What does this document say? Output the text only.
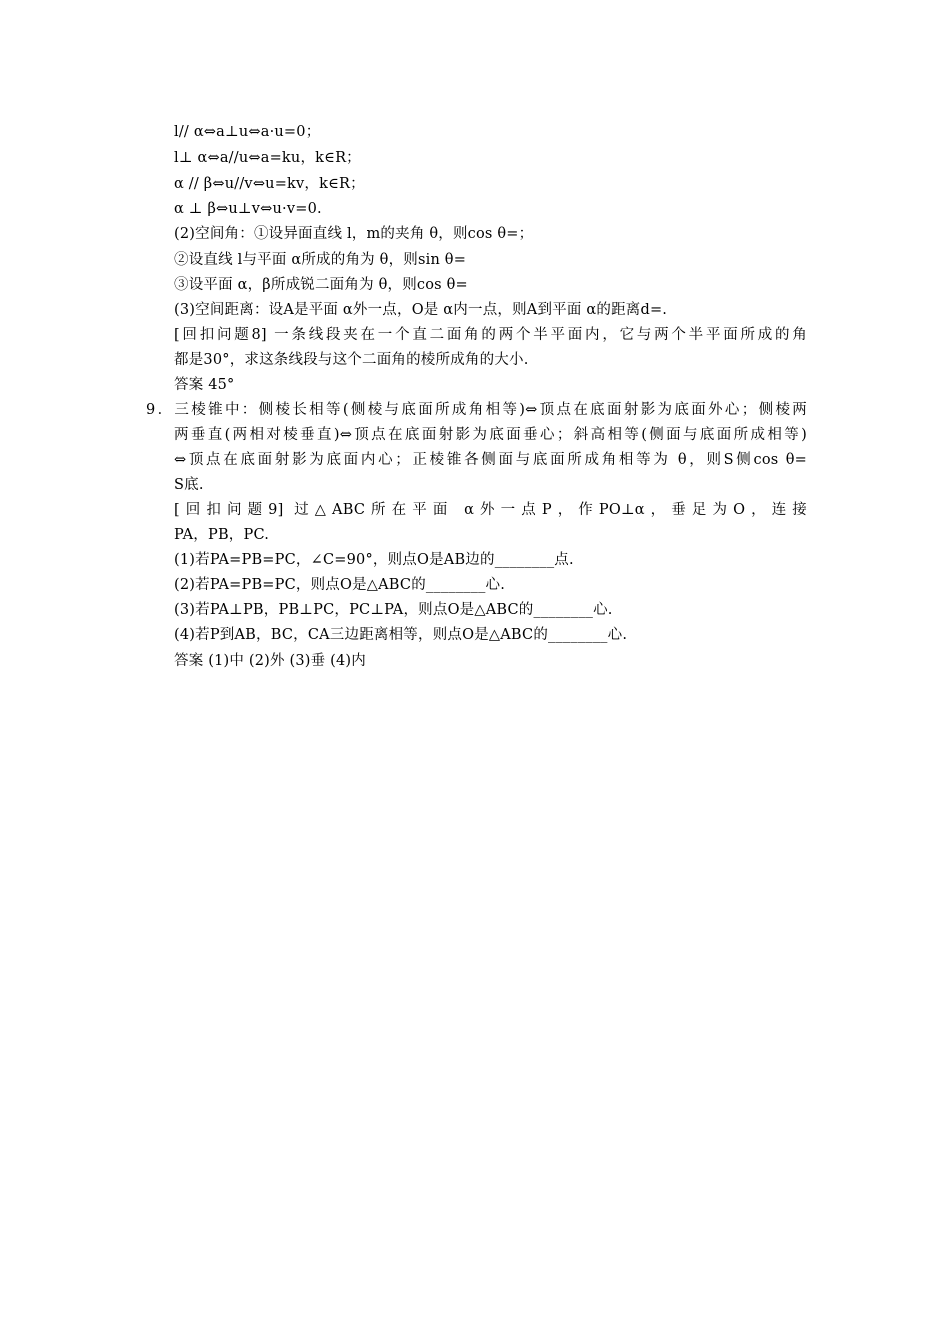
l// α⇔a⊥u⇔a·u=0；
l⊥ α⇔a//u⇔a=ku，k∈R；
α // β⇔u//v⇔u=kv，k∈R；
α ⊥ β⇔u⊥v⇔u·v=0.
(2)空间角：①设异面直线 l，m的夹角 θ，则cos θ=；
②设直线 l与平面 α所成的角为 θ，则sin θ=
③设平面 α，β所成锐二面角为 θ，则cos θ=
(3)空间距离：设A是平面 α外一点，O是 α内一点，则A到平面 α的距离d=.
[回扣问题8] 一条线段夹在一个直二面角的两个半平面内，它与两个半平面所成的角
都是30°，求这条线段与这个二面角的棱所成角的大小.
答案 45°
9．三棱锥中：侧棱长相等(侧棱与底面所成角相等)⇔顶点在底面射影为底面外心；侧棱两
两垂直(两相对棱垂直)⇔顶点在底面射影为底面垂心；斜高相等(侧面与底面所成相等)
⇔顶点在底面射影为底面内心；正棱锥各侧面与底面所成角相等为 θ，则S侧cos θ=
S底.
[回扣问题9] 过△ABC所在平面 α外一点P，作PO⊥α，垂足为O，连接
PA，PB，PC.
(1)若PA=PB=PC，∠C=90°，则点O是AB边的________点.
(2)若PA=PB=PC，则点O是△ABC的________心.
(3)若PA⊥PB，PB⊥PC，PC⊥PA，则点O是△ABC的________心.
(4)若P到AB，BC，CA三边距离相等，则点O是△ABC的________心.
答案 (1)中 (2)外 (3)垂 (4)内
